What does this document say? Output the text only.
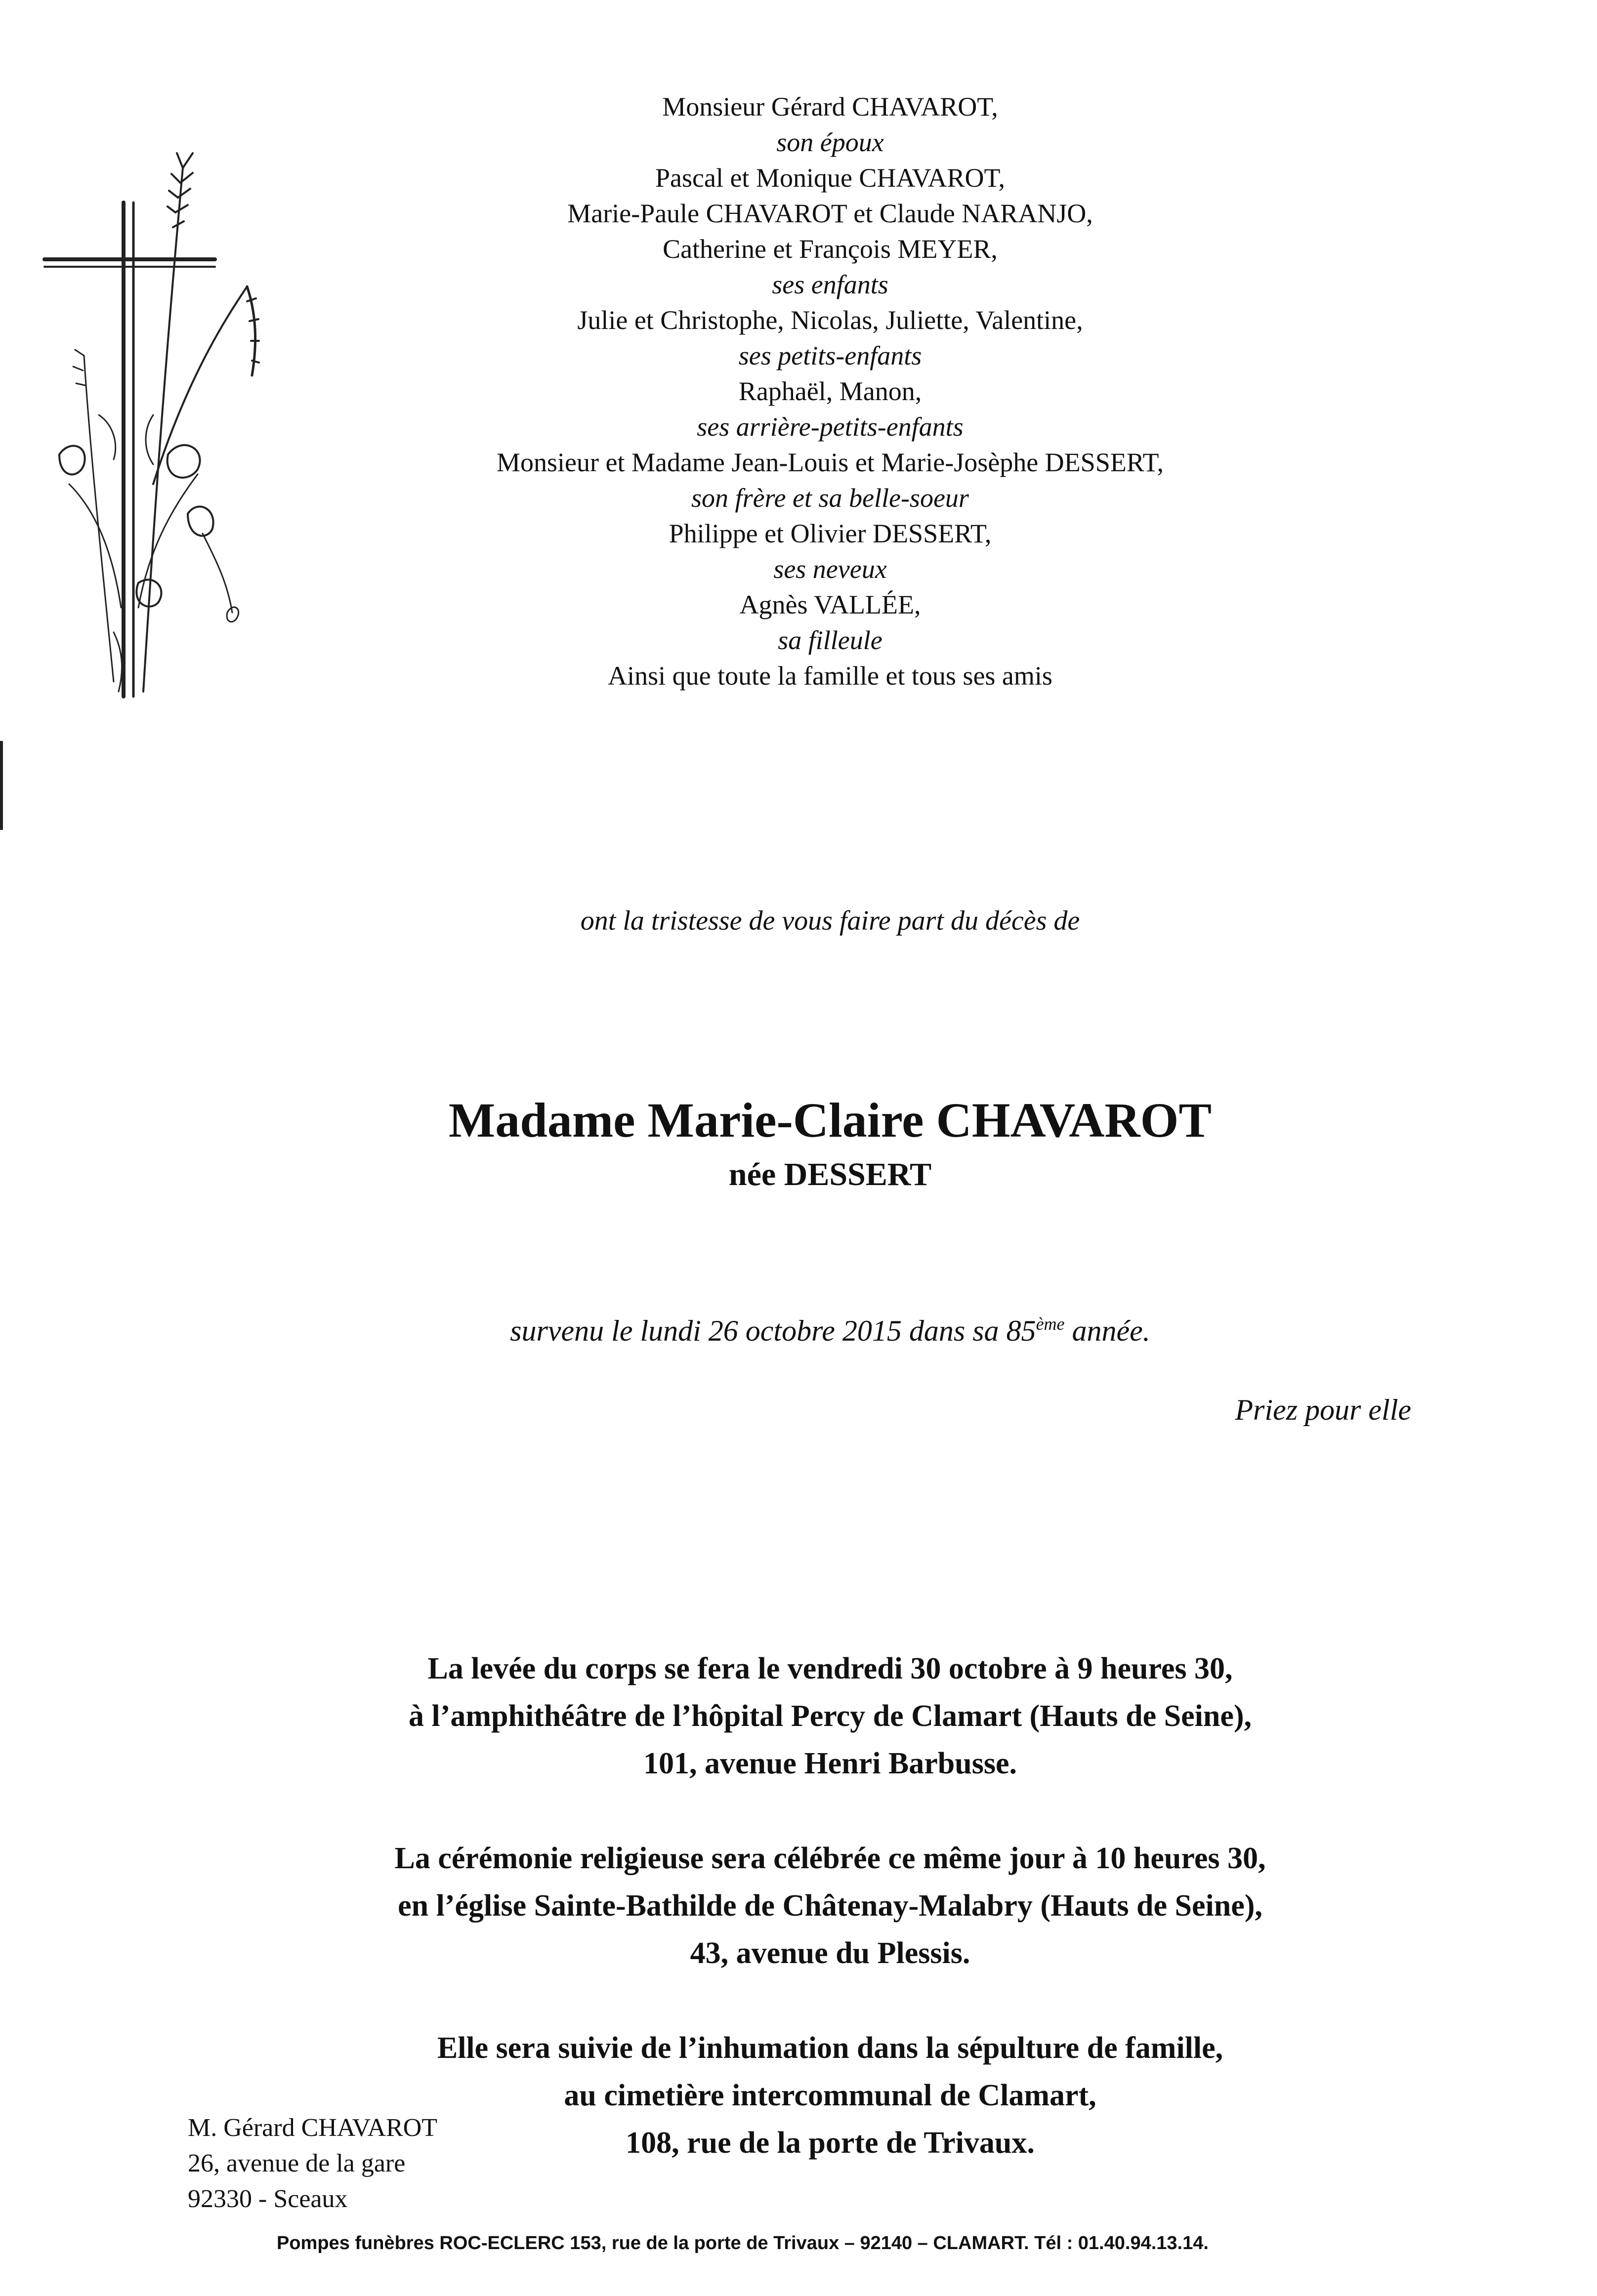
Monsieur Gérard CHAVAROT,
son époux
Pascal et Monique CHAVAROT,
Marie-Paule CHAVAROT et Claude NARANJO,
Catherine et François MEYER,
ses enfants
Julie et Christophe, Nicolas, Juliette, Valentine,
ses petits-enfants
Raphaël, Manon,
ses arrière-petits-enfants
Monsieur et Madame Jean-Louis et Marie-Josèphe DESSERT,
son frère et sa belle-soeur
Philippe et Olivier DESSERT,
ses neveux
Agnès VALLÉE,
sa filleule
Ainsi que toute la famille et tous ses amis
ont la tristesse de vous faire part du décès de
Madame Marie-Claire CHAVAROT
née DESSERT
survenu le lundi 26 octobre 2015 dans sa 85ème année.
Priez pour elle
La levée du corps se fera le vendredi 30 octobre à 9 heures 30,
à l’amphithéâtre de l’hôpital Percy de Clamart (Hauts de Seine),
101, avenue Henri Barbusse.
La cérémonie religieuse sera célébrée ce même jour à 10 heures 30,
en l’église Sainte-Bathilde de Châtenay-Malabry (Hauts de Seine),
43, avenue du Plessis.
Elle sera suivie de l’inhumation dans la sépulture de famille,
au cimetière intercommunal de Clamart,
108, rue de la porte de Trivaux.
M. Gérard CHAVAROT
26, avenue de la gare
92330 - Sceaux
Pompes funèbres ROC-ECLERC 153, rue de la porte de Trivaux – 92140 – CLAMART. Tél : 01.40.94.13.14.
